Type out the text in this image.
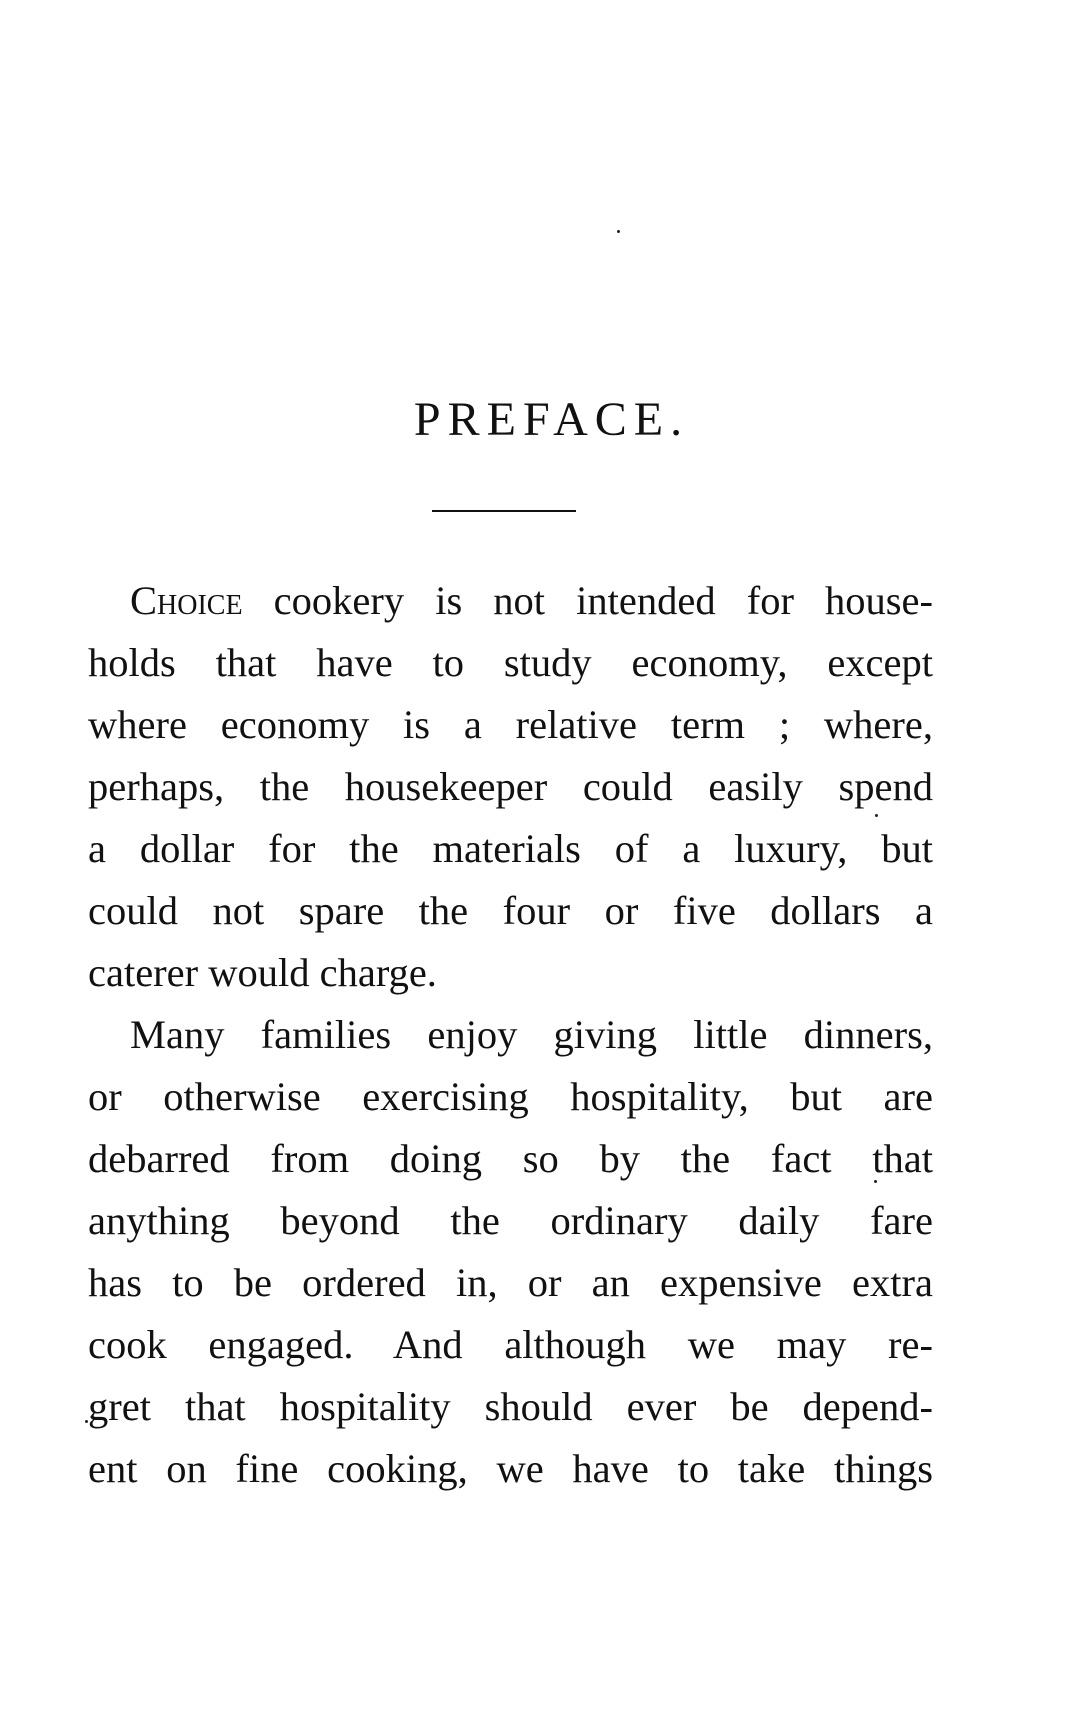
PREFACE.
Choice cookery is not intended for house-
holds that have to study economy, except
where economy is a relative term ; where,
perhaps, the housekeeper could easily spend
a dollar for the materials of a luxury, but
could not spare the four or five dollars a
caterer would charge.
Many families enjoy giving little dinners,
or otherwise exercising hospitality, but are
debarred from doing so by the fact that
anything beyond the ordinary daily fare
has to be ordered in, or an expensive extra
cook engaged. And although we may re-
gret that hospitality should ever be depend-
ent on fine cooking, we have to take things
